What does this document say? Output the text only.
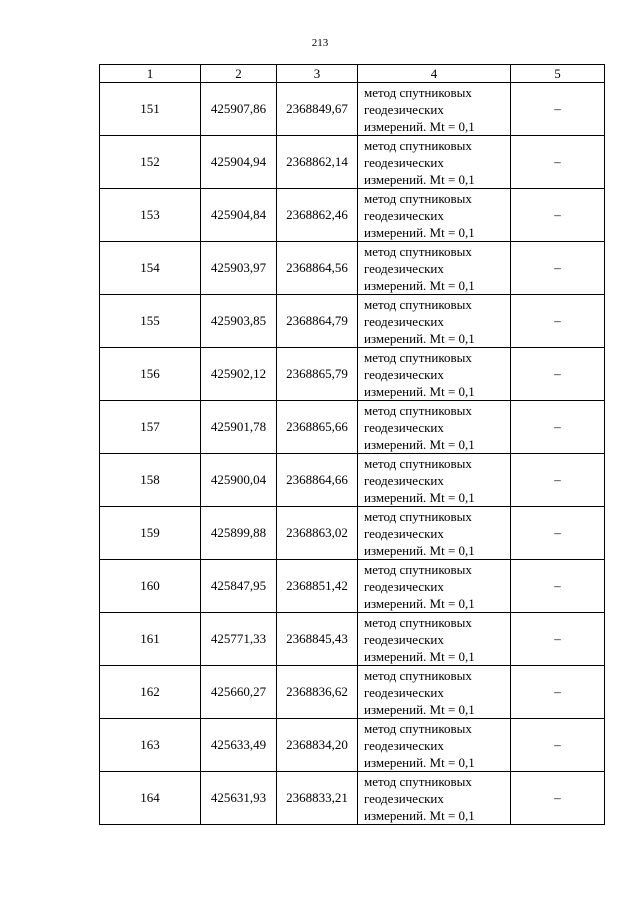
213
1	2	3	4	5
151	425907,86	2368849,67	метод спутниковых
геодезических
измерений. Mt = 0,1	–
152	425904,94	2368862,14	метод спутниковых
геодезических
измерений. Mt = 0,1	–
153	425904,84	2368862,46	метод спутниковых
геодезических
измерений. Mt = 0,1	–
154	425903,97	2368864,56	метод спутниковых
геодезических
измерений. Mt = 0,1	–
155	425903,85	2368864,79	метод спутниковых
геодезических
измерений. Mt = 0,1	–
156	425902,12	2368865,79	метод спутниковых
геодезических
измерений. Mt = 0,1	–
157	425901,78	2368865,66	метод спутниковых
геодезических
измерений. Mt = 0,1	–
158	425900,04	2368864,66	метод спутниковых
геодезических
измерений. Mt = 0,1	–
159	425899,88	2368863,02	метод спутниковых
геодезических
измерений. Mt = 0,1	–
160	425847,95	2368851,42	метод спутниковых
геодезических
измерений. Mt = 0,1	–
161	425771,33	2368845,43	метод спутниковых
геодезических
измерений. Mt = 0,1	–
162	425660,27	2368836,62	метод спутниковых
геодезических
измерений. Mt = 0,1	–
163	425633,49	2368834,20	метод спутниковых
геодезических
измерений. Mt = 0,1	–
164	425631,93	2368833,21	метод спутниковых
геодезических
измерений. Mt = 0,1	–
